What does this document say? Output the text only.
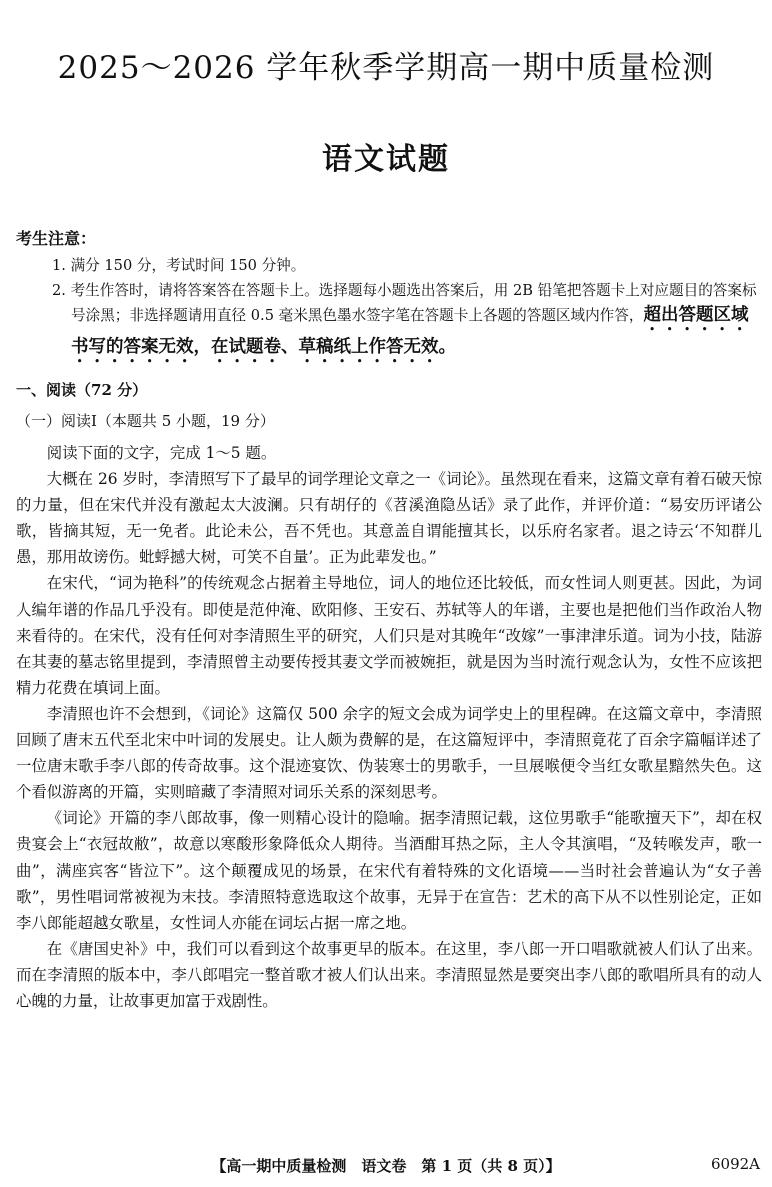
2025～2026 学年秋季学期高一期中质量检测
语文试题
考生注意：

1. 满分 150 分，考试时间 150 分钟。

2. 考生作答时，请将答案答在答题卡上。选择题每小题选出答案后，用 2B 铅笔把答题卡上对应题目的答案标号涂黑；非选择题请用直径 0.5 毫米黑色墨水签字笔在答题卡上各题的答题区域内作答，超出答题区域书写的答案无效，在试题卷、草稿纸上作答无效。

一、阅读（72 分）
（一）阅读Ⅰ（本题共 5 小题，19 分）

阅读下面的文字，完成 1～5 题。

大概在 26 岁时，李清照写下了最早的词学理论文章之一《词论》。虽然现在看来，这篇文章有着石破天惊的力量，但在宋代并没有激起太大波澜。只有胡仔的《苕溪渔隐丛话》录了此作，并评价道：“易安历评诸公歌，皆摘其短，无一免者。此论未公，吾不凭也。其意盖自谓能擅其长，以乐府名家者。退之诗云‘不知群儿愚，那用故谤伤。蚍蜉撼大树，可笑不自量’。正为此辈发也。”

在宋代，“词为艳科”的传统观念占据着主导地位，词人的地位还比较低，而女性词人则更甚。因此，为词人编年谱的作品几乎没有。即使是范仲淹、欧阳修、王安石、苏轼等人的年谱，主要也是把他们当作政治人物来看待的。在宋代，没有任何对李清照生平的研究，人们只是对其晚年“改嫁”一事津津乐道。词为小技，陆游在其妻的墓志铭里提到，李清照曾主动要传授其妻文学而被婉拒，就是因为当时流行观念认为，女性不应该把精力花费在填词上面。

李清照也许不会想到，《词论》这篇仅 500 余字的短文会成为词学史上的里程碑。在这篇文章中，李清照回顾了唐末五代至北宋中叶词的发展史。让人颇为费解的是，在这篇短评中，李清照竟花了百余字篇幅详述了一位唐末歌手李八郎的传奇故事。这个混迹宴饮、伪装寒士的男歌手，一旦展喉便令当红女歌星黯然失色。这个看似游离的开篇，实则暗藏了李清照对词乐关系的深刻思考。

《词论》开篇的李八郎故事，像一则精心设计的隐喻。据李清照记载，这位男歌手“能歌擅天下”，却在权贵宴会上“衣冠故敝”，故意以寒酸形象降低众人期待。当酒酣耳热之际，主人令其演唱，“及转喉发声，歌一曲”，满座宾客“皆泣下”。这个颠覆成见的场景，在宋代有着特殊的文化语境——当时社会普遍认为“女子善歌”，男性唱词常被视为末技。李清照特意选取这个故事，无异于在宣告：艺术的高下从不以性别论定，正如李八郎能超越女歌星，女性词人亦能在词坛占据一席之地。

在《唐国史补》中，我们可以看到这个故事更早的版本。在这里，李八郎一开口唱歌就被人们认了出来。而在李清照的版本中，李八郎唱完一整首歌才被人们认出来。李清照显然是要突出李八郎的歌唱所具有的动人心魄的力量，让故事更加富于戏剧性。

【高一期中质量检测　语文卷　第 1 页（共 8 页）】	6092A
